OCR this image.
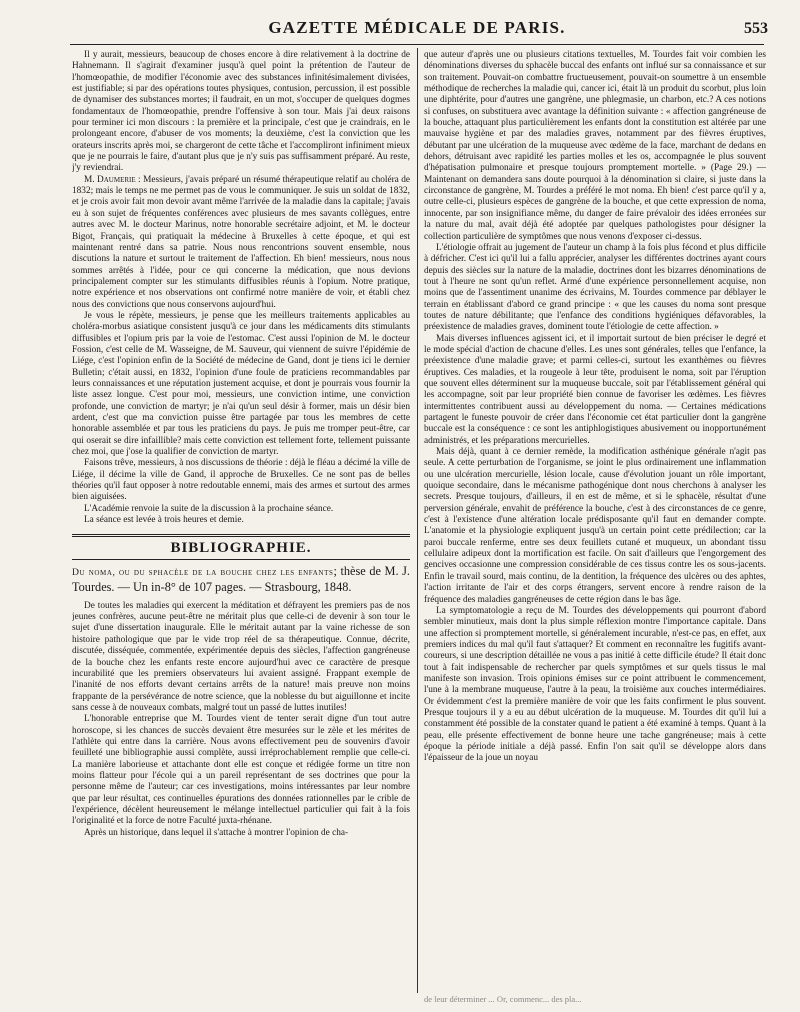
GAZETTE MÉDICALE DE PARIS.	553

Il y aurait, messieurs, beaucoup de choses encore à dire relativement à la doctrine de Hahnemann. Il s'agirait d'examiner jusqu'à quel point la prétention de l'auteur de l'homœopathie, de modifier l'économie avec des substances infinitésimalement divisées, est justifiable; si par des opérations toutes physiques, contusion, percussion, il est possible de dynamiser des substances mortes; il faudrait, en un mot, s'occuper de quelques dogmes fondamentaux de l'homœopathie, prendre l'offensive à son tour. Mais j'ai deux raisons pour terminer ici mon discours : la première et la principale, c'est que je craindrais, en le prolongeant encore, d'abuser de vos moments; la deuxième, c'est la conviction que les orateurs inscrits après moi, se chargeront de cette tâche et l'accompliront infiniment mieux que je ne pourrais le faire, d'autant plus que je n'y suis pas suffisamment préparé. Au reste, j'y reviendrai.

M. Daumerie : Messieurs, j'avais préparé un résumé thérapeutique relatif au choléra de 1832; mais le temps ne me permet pas de vous le communiquer. Je suis un soldat de 1832, et je crois avoir fait mon devoir avant même l'arrivée de la maladie dans la capitale; j'avais eu à son sujet de fréquentes conférences avec plusieurs de mes savants collègues, entre autres avec M. le docteur Marinus, notre honorable secrétaire adjoint, et M. le docteur Bigot, Français, qui pratiquait la médecine à Bruxelles à cette époque, et qui est maintenant rentré dans sa patrie. Nous nous rencontrions souvent ensemble, nous discutions la nature et surtout le traitement de l'affection. Eh bien! messieurs, nous nous sommes arrêtés à l'idée, pour ce qui concerne la médication, que nous devions principalement compter sur les stimulants diffusibles réunis à l'opium. Notre pratique, notre expérience et nos observations ont confirmé notre manière de voir, et établi chez nous des convictions que nous conservons aujourd'hui.

Je vous le répète, messieurs, je pense que les meilleurs traitements applicables au choléra-morbus asiatique consistent jusqu'à ce jour dans les médicaments dits stimulants diffusibles et l'opium pris par la voie de l'estomac. C'est aussi l'opinion de M. le docteur Fossion, c'est celle de M. Wasseigne, de M. Sauveur, qui viennent de suivre l'épidémie de Liége, c'est l'opinion enfin de la Société de médecine de Gand, dont je tiens ici le dernier Bulletin; c'était aussi, en 1832, l'opinion d'une foule de praticiens recommandables par leurs connaissances et une réputation justement acquise, et dont je pourrais vous fournir la liste assez longue. C'est pour moi, messieurs, une conviction intime, une conviction profonde, une conviction de martyr; je n'ai qu'un seul désir à former, mais un désir bien ardent, c'est que ma conviction puisse être partagée par tous les membres de cette honorable assemblée et par tous les praticiens du pays. Je puis me tromper peut-être, car qui oserait se dire infaillible? mais cette conviction est tellement forte, tellement puissante chez moi, que j'ose la qualifier de conviction de martyr.

Faisons trêve, messieurs, à nos discussions de théorie : déjà le fléau a décimé la ville de Liége, il décime la ville de Gand, il approche de Bruxelles. Ce ne sont pas de belles théories qu'il faut opposer à notre redoutable ennemi, mais des armes et surtout des armes bien aiguisées.

L'Académie renvoie la suite de la discussion à la prochaine séance.

La séance est levée à trois heures et demie.

BIBLIOGRAPHIE.
Du noma, ou du sphacèle de la bouche chez les enfants; thèse de M. J. Tourdes. — Un in-8° de 107 pages. — Strasbourg, 1848.

De toutes les maladies qui exercent la méditation et défrayent les premiers pas de nos jeunes confrères, aucune peut-être ne méritait plus que celle-ci de devenir à son tour le sujet d'une dissertation inaugurale. Elle le méritait autant par la vaine richesse de son histoire pathologique que par le vide trop réel de sa thérapeutique. Connue, décrite, discutée, disséquée, commentée, expérimentée depuis des siècles, l'affection gangréneuse de la bouche chez les enfants reste encore aujourd'hui avec ce caractère de presque incurabilité que les premiers observateurs lui avaient assigné. Frappant exemple de l'inanité de nos efforts devant certains arrêts de la nature! mais preuve non moins frappante de la persévérance de notre science, que la noblesse du but aiguillonne et incite sans cesse à de nouveaux combats, malgré tout un passé de luttes inutiles!

L'honorable entreprise que M. Tourdes vient de tenter serait digne d'un tout autre horoscope, si les chances de succès devaient être mesurées sur le zèle et les mérites de l'athlète qui entre dans la carrière. Nous avons effectivement peu de souvenirs d'avoir feuilleté une bibliographie aussi complète, aussi irréprochablement remplie que celle-ci. La manière laborieuse et attachante dont elle est conçue et rédigée forme un titre non moins flatteur pour l'école qui a un pareil représentant de ses doctrines que pour la personne même de l'auteur; car ces investigations, moins intéressantes par leur nombre que par leur résultat, ces continuelles épurations des données rationnelles par le crible de l'expérience, décèlent heureusement le mélange intellectuel particulier qui fait à la fois l'originalité et la force de notre Faculté juxta-rhénane.

Après un historique, dans lequel il s'attache à montrer l'opinion de cha-

que auteur d'après une ou plusieurs citations textuelles, M. Tourdes fait voir combien les dénominations diverses du sphacèle buccal des enfants ont influé sur sa connaissance et sur son traitement. Pouvait-on combattre fructueusement, pouvait-on soumettre à un ensemble méthodique de recherches la maladie qui, cancer ici, était là un produit du scorbut, plus loin une diphtérite, pour d'autres une gangrène, une phlegmasie, un charbon, etc.? A ces notions si confuses, on substituera avec avantage la définition suivante : « affection gangréneuse de la bouche, attaquant plus particulièrement les enfants dont la constitution est altérée par une mauvaise hygiène et par des maladies graves, notamment par des fièvres éruptives, débutant par une ulcération de la muqueuse avec œdème de la face, marchant de dedans en dehors, détruisant avec rapidité les parties molles et les os, accompagnée le plus souvent d'hépatisation pulmonaire et presque toujours promptement mortelle. » (Page 29.) — Maintenant on demandera sans doute pourquoi à la dénomination si claire, si juste dans la circonstance de gangrène, M. Tourdes a préféré le mot noma. Eh bien! c'est parce qu'il y a, outre celle-ci, plusieurs espèces de gangrène de la bouche, et que cette expression de noma, innocente, par son insignifiance même, du danger de faire prévaloir des idées erronées sur la nature du mal, avait déjà été adoptée par quelques pathologistes pour désigner la collection particulière de symptômes que nous venons d'exposer ci-dessus.

L'étiologie offrait au jugement de l'auteur un champ à la fois plus fécond et plus difficile à défricher. C'est ici qu'il lui a fallu apprécier, analyser les différentes doctrines ayant cours depuis des siècles sur la nature de la maladie, doctrines dont les bizarres dénominations de tout à l'heure ne sont qu'un reflet. Armé d'une expérience personnellement acquise, non moins que de l'assentiment unanime des écrivains, M. Tourdes commence par déblayer le terrain en établissant d'abord ce grand principe : « que les causes du noma sont presque toutes de nature débilitante; que l'enfance des conditions hygiéniques défavorables, la préexistence de maladies graves, dominent toute l'étiologie de cette affection. »

Mais diverses influences agissent ici, et il importait surtout de bien préciser le degré et le mode spécial d'action de chacune d'elles. Les unes sont générales, telles que l'enfance, la préexistence d'une maladie grave; et parmi celles-ci, surtout les exanthèmes ou fièvres éruptives. Ces maladies, et la rougeole à leur tête, produisent le noma, soit par l'éruption que souvent elles déterminent sur la muqueuse buccale, soit par l'établissement général qui les accompagne, soit par leur propriété bien connue de favoriser les œdèmes. Les fièvres intermittentes contribuent aussi au développement du noma. — Certaines médications partagent le funeste pouvoir de créer dans l'économie cet état particulier dont la gangrène buccale est la conséquence : ce sont les antiphlogistiques abusivement ou inopportunément administrés, et les préparations mercurielles.

Mais déjà, quant à ce dernier remède, la modification asthénique générale n'agit pas seule. A cette perturbation de l'organisme, se joint le plus ordinairement une inflammation ou une ulcération mercurielle, lésion locale, cause d'évolution jouant un rôle important, quoique secondaire, dans le mécanisme pathogénique dont nous cherchons à analyser les secrets. Presque toujours, d'ailleurs, il en est de même, et si le sphacèle, résultat d'une perversion générale, envahit de préférence la bouche, c'est à des circonstances de ce genre, c'est à l'existence d'une altération locale prédisposante qu'il faut en demander compte. L'anatomie et la physiologie expliquent jusqu'à un certain point cette prédilection; car la paroi buccale renferme, entre ses deux feuillets cutané et muqueux, un abondant tissu cellulaire adipeux dont la mortification est facile. On sait d'ailleurs que l'engorgement des gencives occasionne une compression considérable de ces tissus contre les os sous-jacents. Enfin le travail sourd, mais continu, de la dentition, la fréquence des ulcères ou des aphtes, l'action irritante de l'air et des corps étrangers, servent encore à rendre raison de la fréquence des maladies gangréneuses de cette région dans le bas âge.

La symptomatologie a reçu de M. Tourdes des développements qui pourront d'abord sembler minutieux, mais dont la plus simple réflexion montre l'importance capitale. Dans une affection si promptement mortelle, si généralement incurable, n'est-ce pas, en effet, aux premiers indices du mal qu'il faut s'attaquer? Et comment en reconnaître les fugitifs avant-coureurs, si une description détaillée ne vous a pas initié à cette difficile étude? Il était donc tout à fait indispensable de rechercher par quels symptômes et sur quels tissus le mal manifeste son invasion. Trois opinions émises sur ce point attribuent le commencement, l'une à la membrane muqueuse, l'autre à la peau, la troisième aux couches intermédiaires. Or évidemment c'est la première manière de voir que les faits confirment le plus souvent. Presque toujours il y a eu au début ulcération de la muqueuse. M. Tourdes dit qu'il lui a constamment été possible de la constater quand le patient a été examiné à temps. Quant à la peau, elle présente effectivement de bonne heure une tache gangréneuse; mais à cette époque la période initiale a déjà passé. Enfin l'on sait qu'il se développe alors dans l'épaisseur de la joue un noyau

de leur déterminer ... Or, commenc... des pla...
